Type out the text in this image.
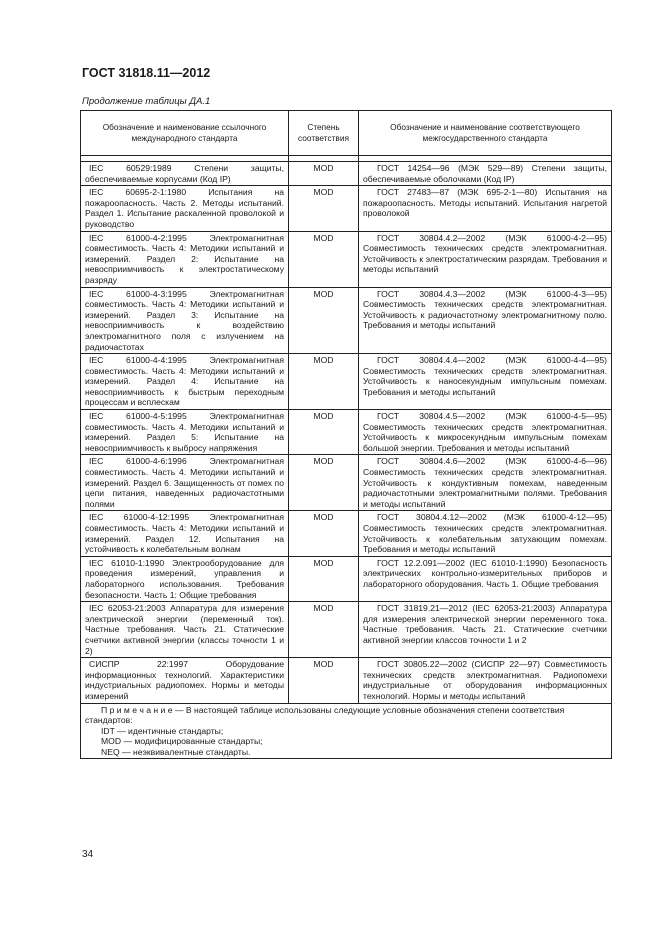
ГОСТ 31818.11—2012
Продолжение таблицы ДА.1
Обозначение и наименование ссылочного международного стандарта	Степень соответствия	Обозначение и наименование соответствующего межгосударственного стандарта

IEC 60529:1989 Степени защиты, обеспечиваемые корпусами (Код IP)	MOD	ГОСТ 14254—96 (МЭК 529—89) Степени защиты, обеспечиваемые оболочками (Код IP)
IEC 60695-2-1:1980 Испытания на пожароопасность. Часть 2. Методы испытаний. Раздел 1. Испытание раскаленной проволокой и руководство	MOD	ГОСТ 27483—87 (МЭК 695-2-1—80) Испытания на пожароопасность. Методы испытаний. Испытания нагретой проволокой
IEC 61000-4-2:1995 Электромагнитная совместимость. Часть 4: Методики испытаний и измерений. Раздел 2: Испытание на невосприимчивость к электростатическому разряду	MOD	ГОСТ 30804.4.2—2002 (МЭК 61000-4-2—95) Совместимость технических средств электромагнитная. Устойчивость к электростатическим разрядам. Требования и методы испытаний
IEC 61000-4-3:1995 Электромагнитная совместимость. Часть 4: Методики испытаний и измерений. Раздел 3: Испытание на невосприимчивость к воздействию электромагнитного поля с излучением на радиочастотах	MOD	ГОСТ 30804.4.3—2002 (МЭК 61000-4-3—95) Совместимость технических средств электромагнитная. Устойчивость к радиочастотному электромагнитному полю. Требования и методы испытаний
IEC 61000-4-4:1995 Электромагнитная совместимость. Часть 4: Методики испытаний и измерений. Раздел 4: Испытание на невосприимчивость к быстрым переходным процессам и всплескам	MOD	ГОСТ 30804.4.4—2002 (МЭК 61000-4-4—95) Совместимость технических средств электромагнитная. Устойчивость к наносекундным импульсным помехам. Требования и методы испытаний
IEC 61000-4-5:1995 Электромагнитная совместимость. Часть 4. Методики испытаний и измерений. Раздел 5: Испытание на невосприимчивость к выбросу напряжения	MOD	ГОСТ 30804.4.5—2002 (МЭК 61000-4-5—95) Совместимость технических средств электромагнитная. Устойчивость к микросекундным импульсным помехам большой энергии. Требования и методы испытаний
IEC 61000-4-6:1996 Электромагнитная совместимость. Часть 4. Методики испытаний и измерений. Раздел 6. Защищенность от помех по цепи питания, наведенных радиочастотными полями	MOD	ГОСТ 30804.4.6—2002 (МЭК 61000-4-6—96) Совместимость технических средств электромагнитная. Устойчивость к кондуктивным помехам, наведенным радиочастотными электромагнитными полями. Требования и методы испытаний
IEC 61000-4-12:1995 Электромагнитная совместимость. Часть 4: Методики испытаний и измерений. Раздел 12. Испытания на устойчивость к колебательным волнам	MOD	ГОСТ 30804.4.12—2002 (МЭК 61000-4-12—95) Совместимость технических средств электромагнитная. Устойчивость к колебательным затухающим помехам. Требования и методы испытаний
IEC 61010-1:1990 Электрооборудование для проведения измерений, управления и лабораторного использования. Требования безопасности. Часть 1: Общие требования	MOD	ГОСТ 12.2.091—2002 (IEC 61010-1:1990) Безопасность электрических контрольно-измерительных приборов и лабораторного оборудования. Часть 1. Общие требования
IEC 62053-21:2003 Аппаратура для измерения электрической энергии (переменный ток). Частные требования. Часть 21. Статические счетчики активной энергии (классы точности 1 и 2)	MOD	ГОСТ 31819.21—2012 (IEC 62053-21:2003) Аппаратура для измерения электрической энергии переменного тока. Частные требования. Часть 21. Статические счетчики активной энергии классов точности 1 и 2
СИСПР 22:1997 Оборудование информационных технологий. Характеристики индустриальных радиопомех. Нормы и методы измерений	MOD	ГОСТ 30805.22—2002 (СИСПР 22—97) Совместимость технических средств электромагнитная. Радиопомехи индустриальные от оборудования информационных технологий. Нормы и методы испытаний

П р и м е ч а н и е — В настоящей таблице использованы следующие условные обозначения степени соответствия стандартов:
IDT — идентичные стандарты;
MOD — модифицированные стандарты;
NEQ — неэквивалентные стандарты.		
34
